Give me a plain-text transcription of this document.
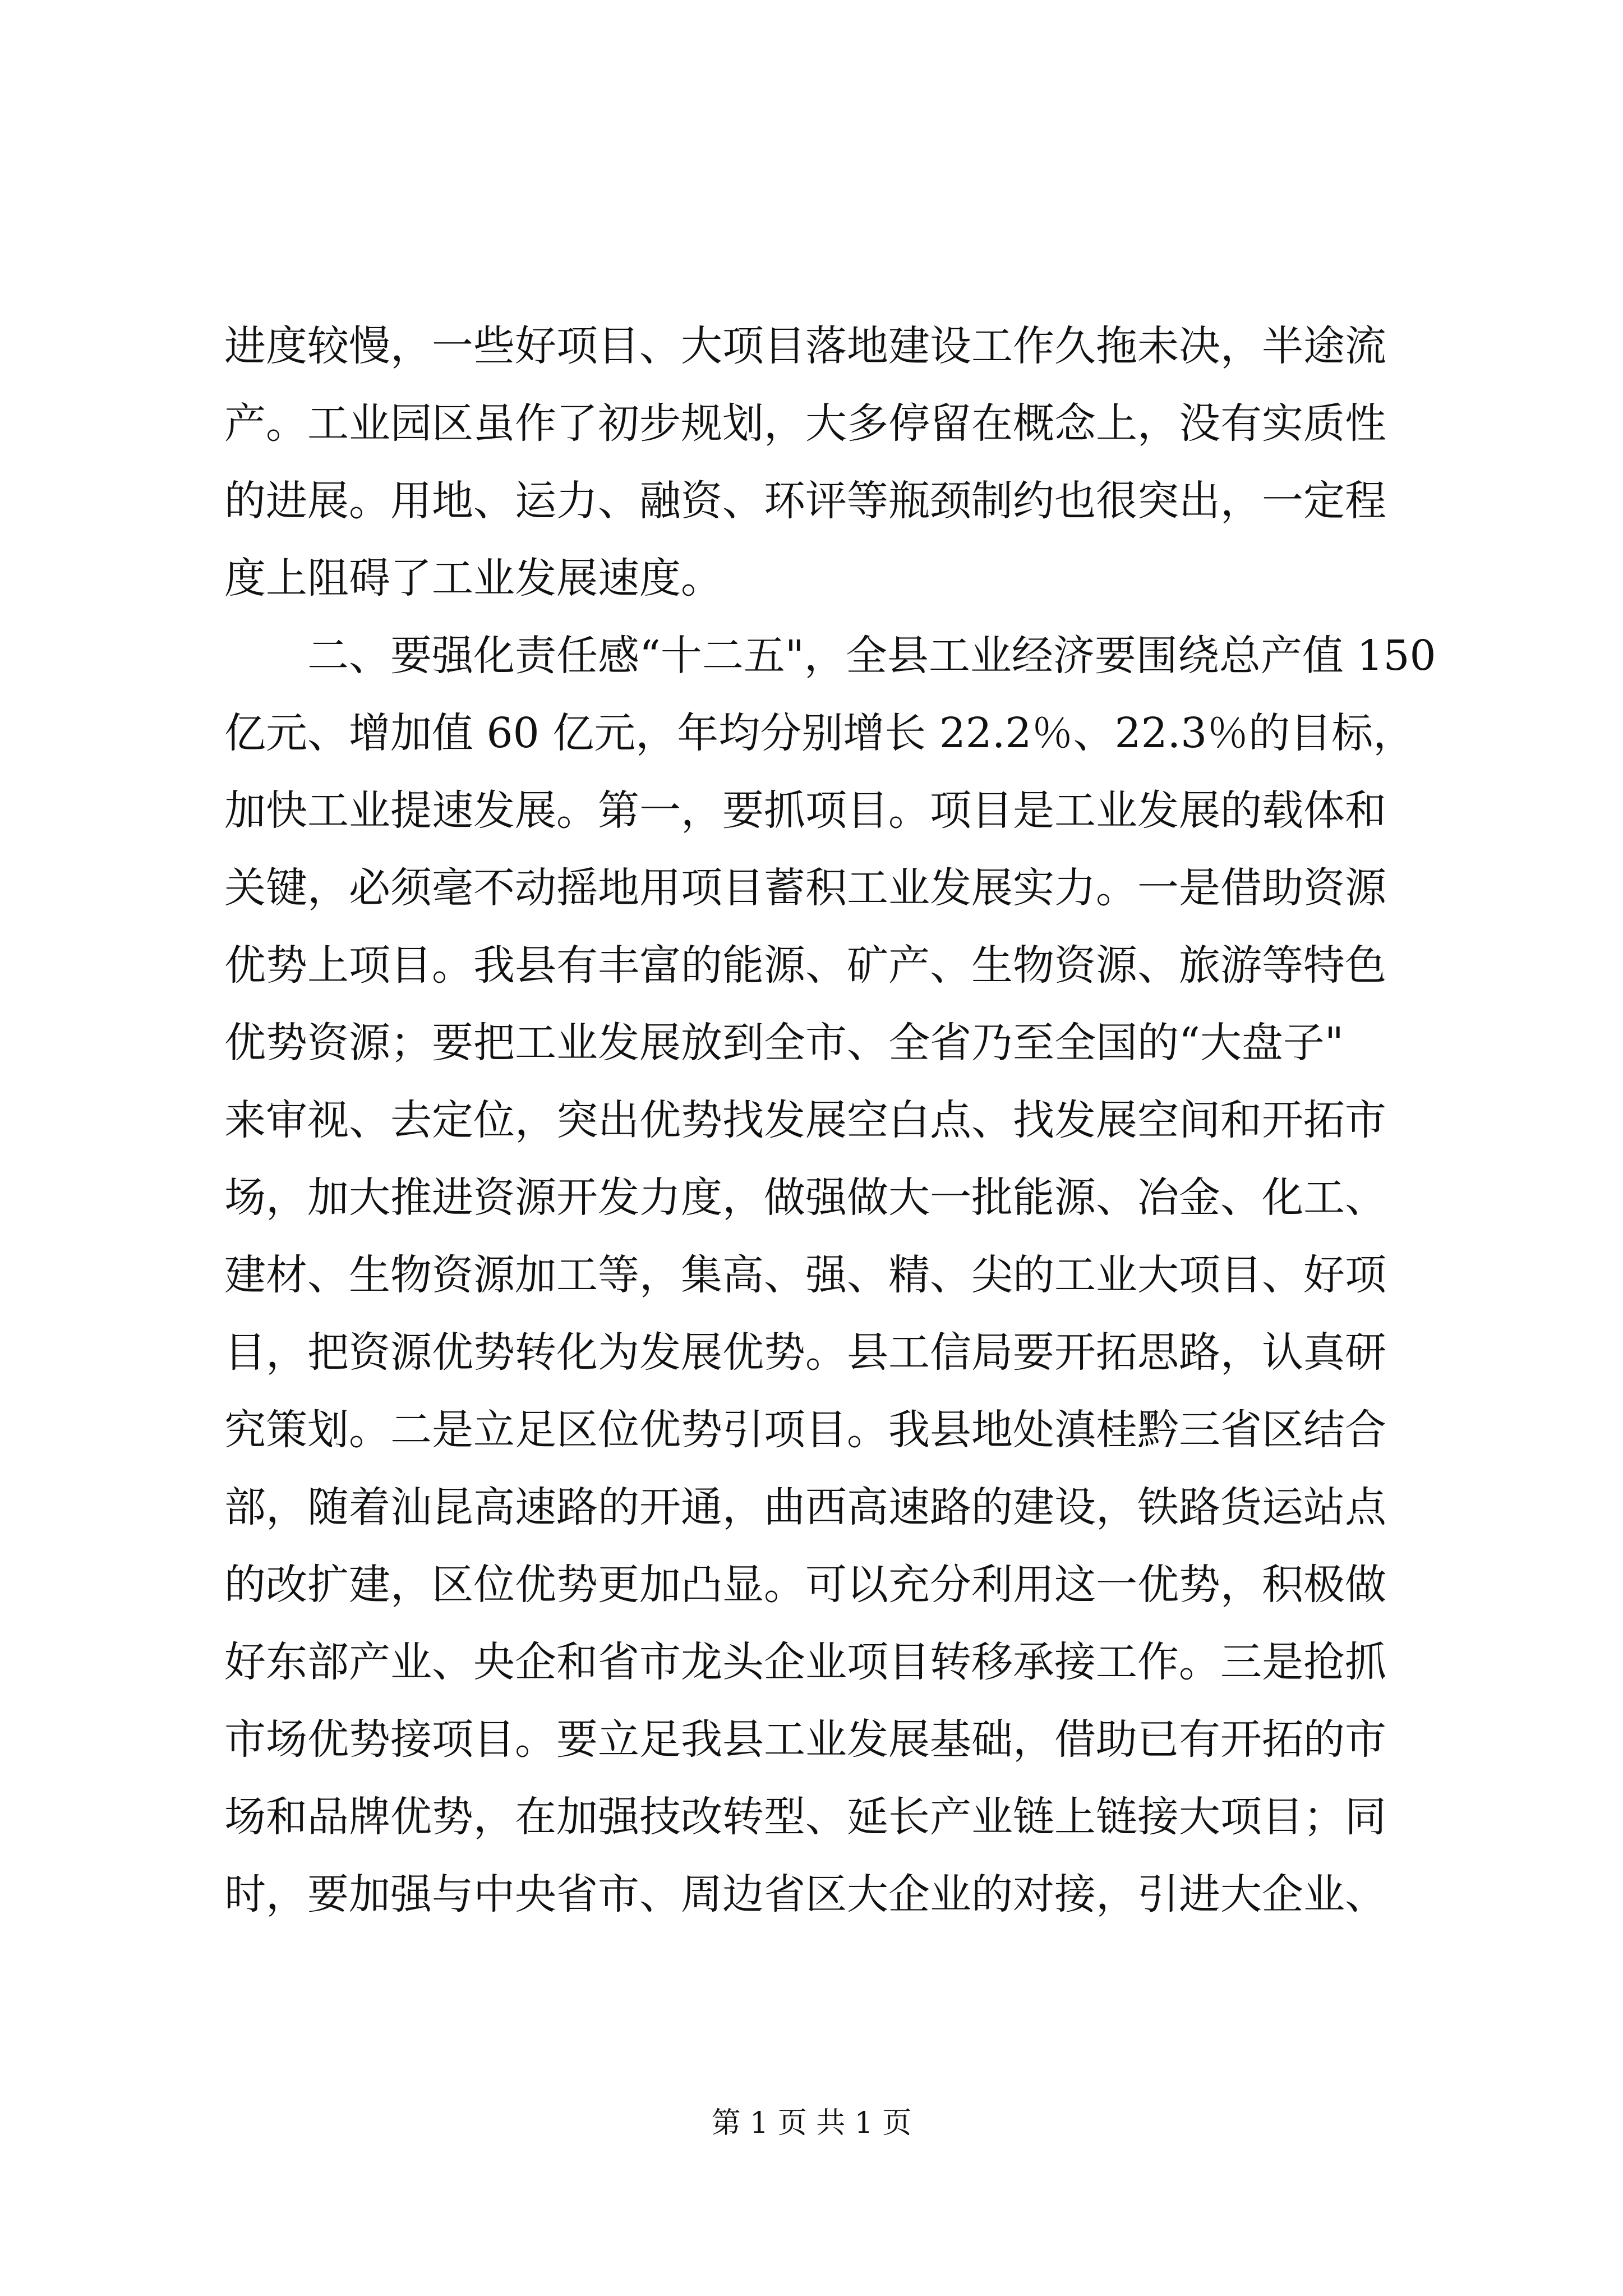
进度较慢，一些好项目、大项目落地建设工作久拖未决，半途流
产。工业园区虽作了初步规划，大多停留在概念上，没有实质性
的进展。用地、运力、融资、环评等瓶颈制约也很突出，一定程
度上阻碍了工业发展速度。
二、要强化责任感“十二五"，全县工业经济要围绕总产值 150
亿元、增加值 60 亿元，年均分别增长 22.2％、22.3％的目标，
加快工业提速发展。第一，要抓项目。项目是工业发展的载体和
关键，必须毫不动摇地用项目蓄积工业发展实力。一是借助资源
优势上项目。我县有丰富的能源、矿产、生物资源、旅游等特色
优势资源；要把工业发展放到全市、全省乃至全国的“大盘子"
来审视、去定位，突出优势找发展空白点、找发展空间和开拓市
场，加大推进资源开发力度，做强做大一批能源、冶金、化工、
建材、生物资源加工等，集高、强、精、尖的工业大项目、好项
目，把资源优势转化为发展优势。县工信局要开拓思路，认真研
究策划。二是立足区位优势引项目。我县地处滇桂黔三省区结合
部，随着汕昆高速路的开通，曲西高速路的建设，铁路货运站点
的改扩建，区位优势更加凸显。可以充分利用这一优势，积极做
好东部产业、央企和省市龙头企业项目转移承接工作。三是抢抓
市场优势接项目。要立足我县工业发展基础，借助已有开拓的市
场和品牌优势，在加强技改转型、延长产业链上链接大项目；同
时，要加强与中央省市、周边省区大企业的对接，引进大企业、
第 1 页 共 1 页
